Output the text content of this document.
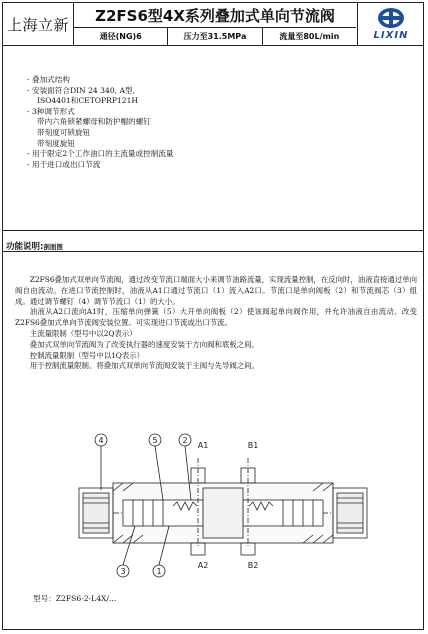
上海立新	Z2FS6型4X系列叠加式单向节流阀
通径(NG)6	压力至31.5MPa	流量至80L/min	LIXIN
- 叠加式结构
- 安装面符合DIN 24 340, A型,
ISO4401和CETOPRP121H
- 3种调节形式
带内六角锁紧螺母和防护帽的螺钉
带刻度可锁旋钮
带刻度旋钮
- 用于限定2个工作油口的主流量或控制流量
- 用于进口或出口节流
功能说明:剖面图

Z2FS6叠加式双单向节流阀，通过改变节流口端面大小来调节油路流量，实现流量控制，在反向时，油液直接通过单向阀自由流动。在进口节流控制时，油液从A1口通过节流口（1）流入A2口。节流口是单向阀板（2）和节流阀芯（3）组成。通过调节螺钉（4）调节节流口（1）的大小。

油液从A2口流向A1时，压缩单向弹簧（5）大开单向阀板（2）使该阀起单向阀作用，并允许油液自由流动。改变Z2FS6叠加式单向节流阀安装位置。可实现进口节流或出口节流。

主流量限制（型号中以2Q表示）

叠加式双单向节流阀为了改变执行器的速度安装于方向阀和底板之间。

控制流量限制（型号中以1Q表示）

用于控制流量限制。将叠加式双单向节流阀安装于主阀与先导阀之间。

4	5	2
3	1
A1	B1
A2	B2
型号：Z2FS6-2-L4X/...
